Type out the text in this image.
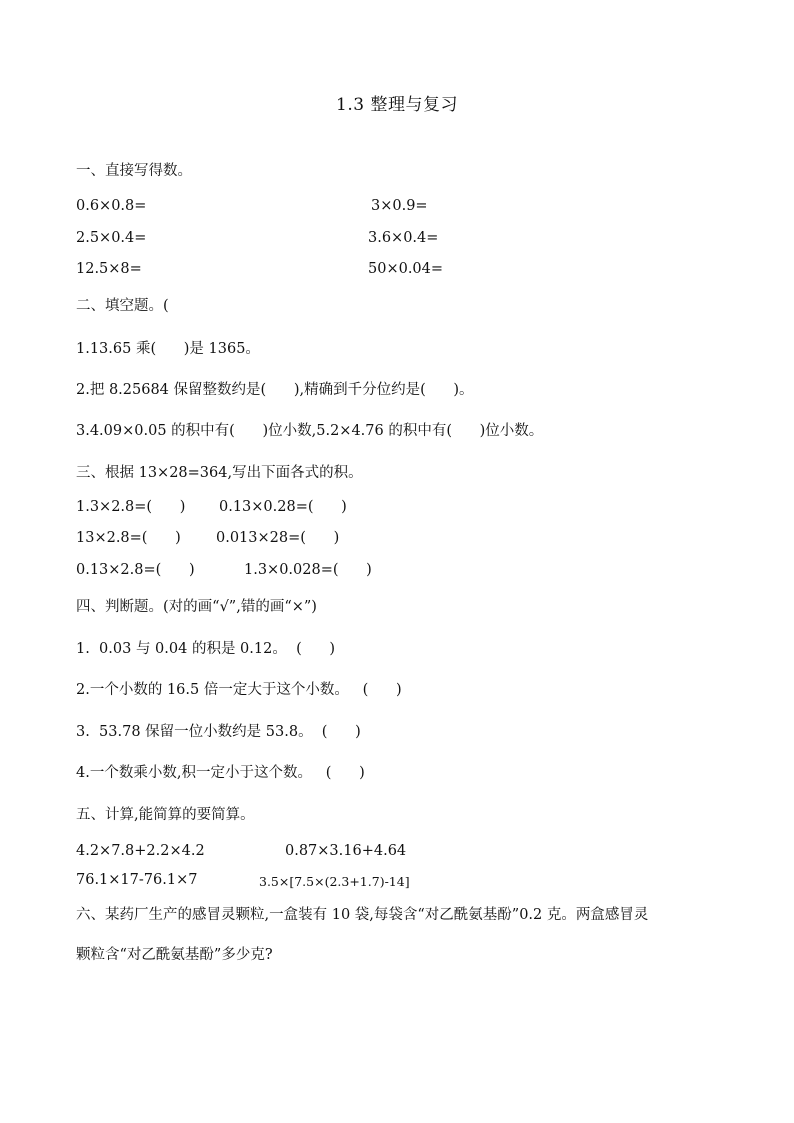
1.3 整理与复习
一、直接写得数。
0.6×0.8=	3×0.9=
2.5×0.4=	3.6×0.4=
12.5×8=	50×0.04=
二、填空题。(
1.13.65 乘(      )是 1365。
2.把 8.25684 保留整数约是(      ),精确到千分位约是(      )。
3.4.09×0.05 的积中有(      )位小数,5.2×4.76 的积中有(      )位小数。
三、根据 13×28=364,写出下面各式的积。
1.3×2.8=(      ) 0.13×0.28=(      )
13×2.8=(      ) 0.013×28=(      )
0.13×2.8=(      )	1.3×0.028=(      )
四、判断题。(对的画“√”,错的画“×”)
1.  0.03 与 0.04 的积是 0.12。  (      )
2.一个小数的 16.5 倍一定大于这个小数。   (      )
3.  53.78 保留一位小数约是 53.8。  (      )
4.一个数乘小数,积一定小于这个数。   (      )
五、计算,能简算的要简算。
4.2×7.8+2.2×4.2	0.87×3.16+4.64
76.1×17-76.1×7	3.5×[7.5×(2.3+1.7)-14]
六、某药厂生产的感冒灵颗粒,一盒装有 10 袋,每袋含“对乙酰氨基酚”0.2 克。两盒感冒灵
颗粒含“对乙酰氨基酚”多少克?
